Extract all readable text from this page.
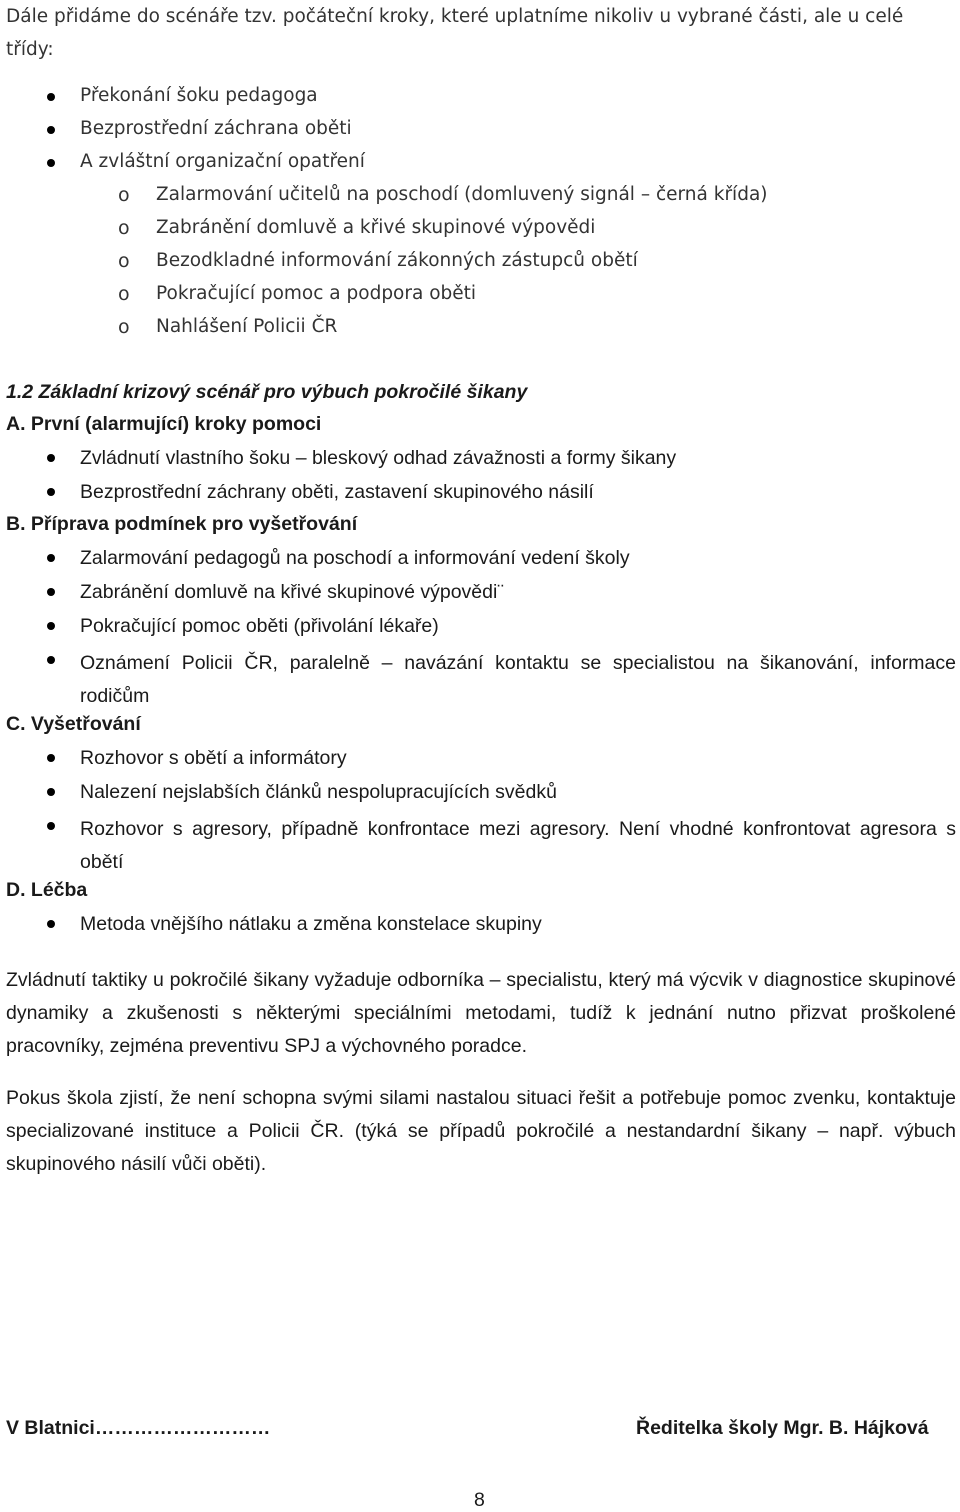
Dále přidáme do scénáře tzv. počáteční kroky, které uplatníme nikoliv u vybrané části, ale u celé třídy:
Překonání šoku pedagoga
Bezprostřední záchrana oběti
A zvláštní organizační opatření
o Zalarmování učitelů na poschodí (domluvený signál – černá křída)
o Zabránění domluvě a křivé skupinové výpovědi
o Bezodkladné informování zákonných zástupců obětí
o Pokračující pomoc a podpora oběti
o Nahlášení Policii ČR
1.2 Základní krizový scénář pro výbuch pokročilé šikany
A. První (alarmující) kroky pomoci
Zvládnutí vlastního šoku – bleskový odhad závažnosti a formy šikany
Bezprostřední záchrany oběti, zastavení skupinového násilí
B. Příprava podmínek pro vyšetřování
Zalarmování pedagogů na poschodí a informování vedení školy
Zabránění domluvě na křivé skupinové výpovědi¨
Pokračující pomoc oběti (přivolání lékaře)
Oznámení Policii ČR, paralelně – navázání kontaktu se specialistou na šikanování, informace rodičům
C. Vyšetřování
Rozhovor s obětí a informátory
Nalezení nejslabších článků nespolupracujících svědků
Rozhovor s agresory, případně konfrontace mezi agresory. Není vhodné konfrontovat agresora s obětí
D. Léčba
Metoda vnějšího nátlaku a změna konstelace skupiny
Zvládnutí taktiky u pokročilé šikany vyžaduje odborníka – specialistu, který má výcvik v diagnostice skupinové dynamiky a zkušenosti s některými speciálními metodami, tudíž k jednání nutno přizvat proškolené pracovníky, zejména preventivu SPJ a výchovného poradce.
Pokus škola zjistí, že není schopna svými silami nastalou situaci řešit a potřebuje pomoc zvenku, kontaktuje specializované instituce a Policii ČR. (týká se případů pokročilé a nestandardní šikany – např. výbuch skupinového násilí vůči oběti).
V Blatnici………………………	Ředitelka školy Mgr. B. Hájková
8
